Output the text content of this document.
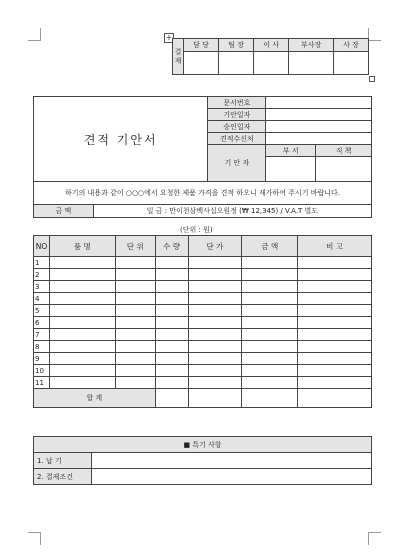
+
결재	담 당	팀 장	이 사	부사장	사 장

견적 기안서		문서번호		
		기안일자		
		승인일자		
		견적수신처		
		기 안 자	부 서	직 책

하기의 내용과 같이 ○○○에서 요청한 제품 가격을 견적 하오니 재가하여 주시기 바랍니다.				
금 액	일 금 : 만이천삼백사십오원정 (₩ 12,345) / V.A.T 별도			
(단위 : 원)
NO	품 명	단 위	수 량	단 가	금 액	비 고
1						
2						
3						
4						
5						
6						
7						
8						
9						
10						
11						
합 계						
■ 특기 사항	
1. 납 기	
2. 결제조건	
